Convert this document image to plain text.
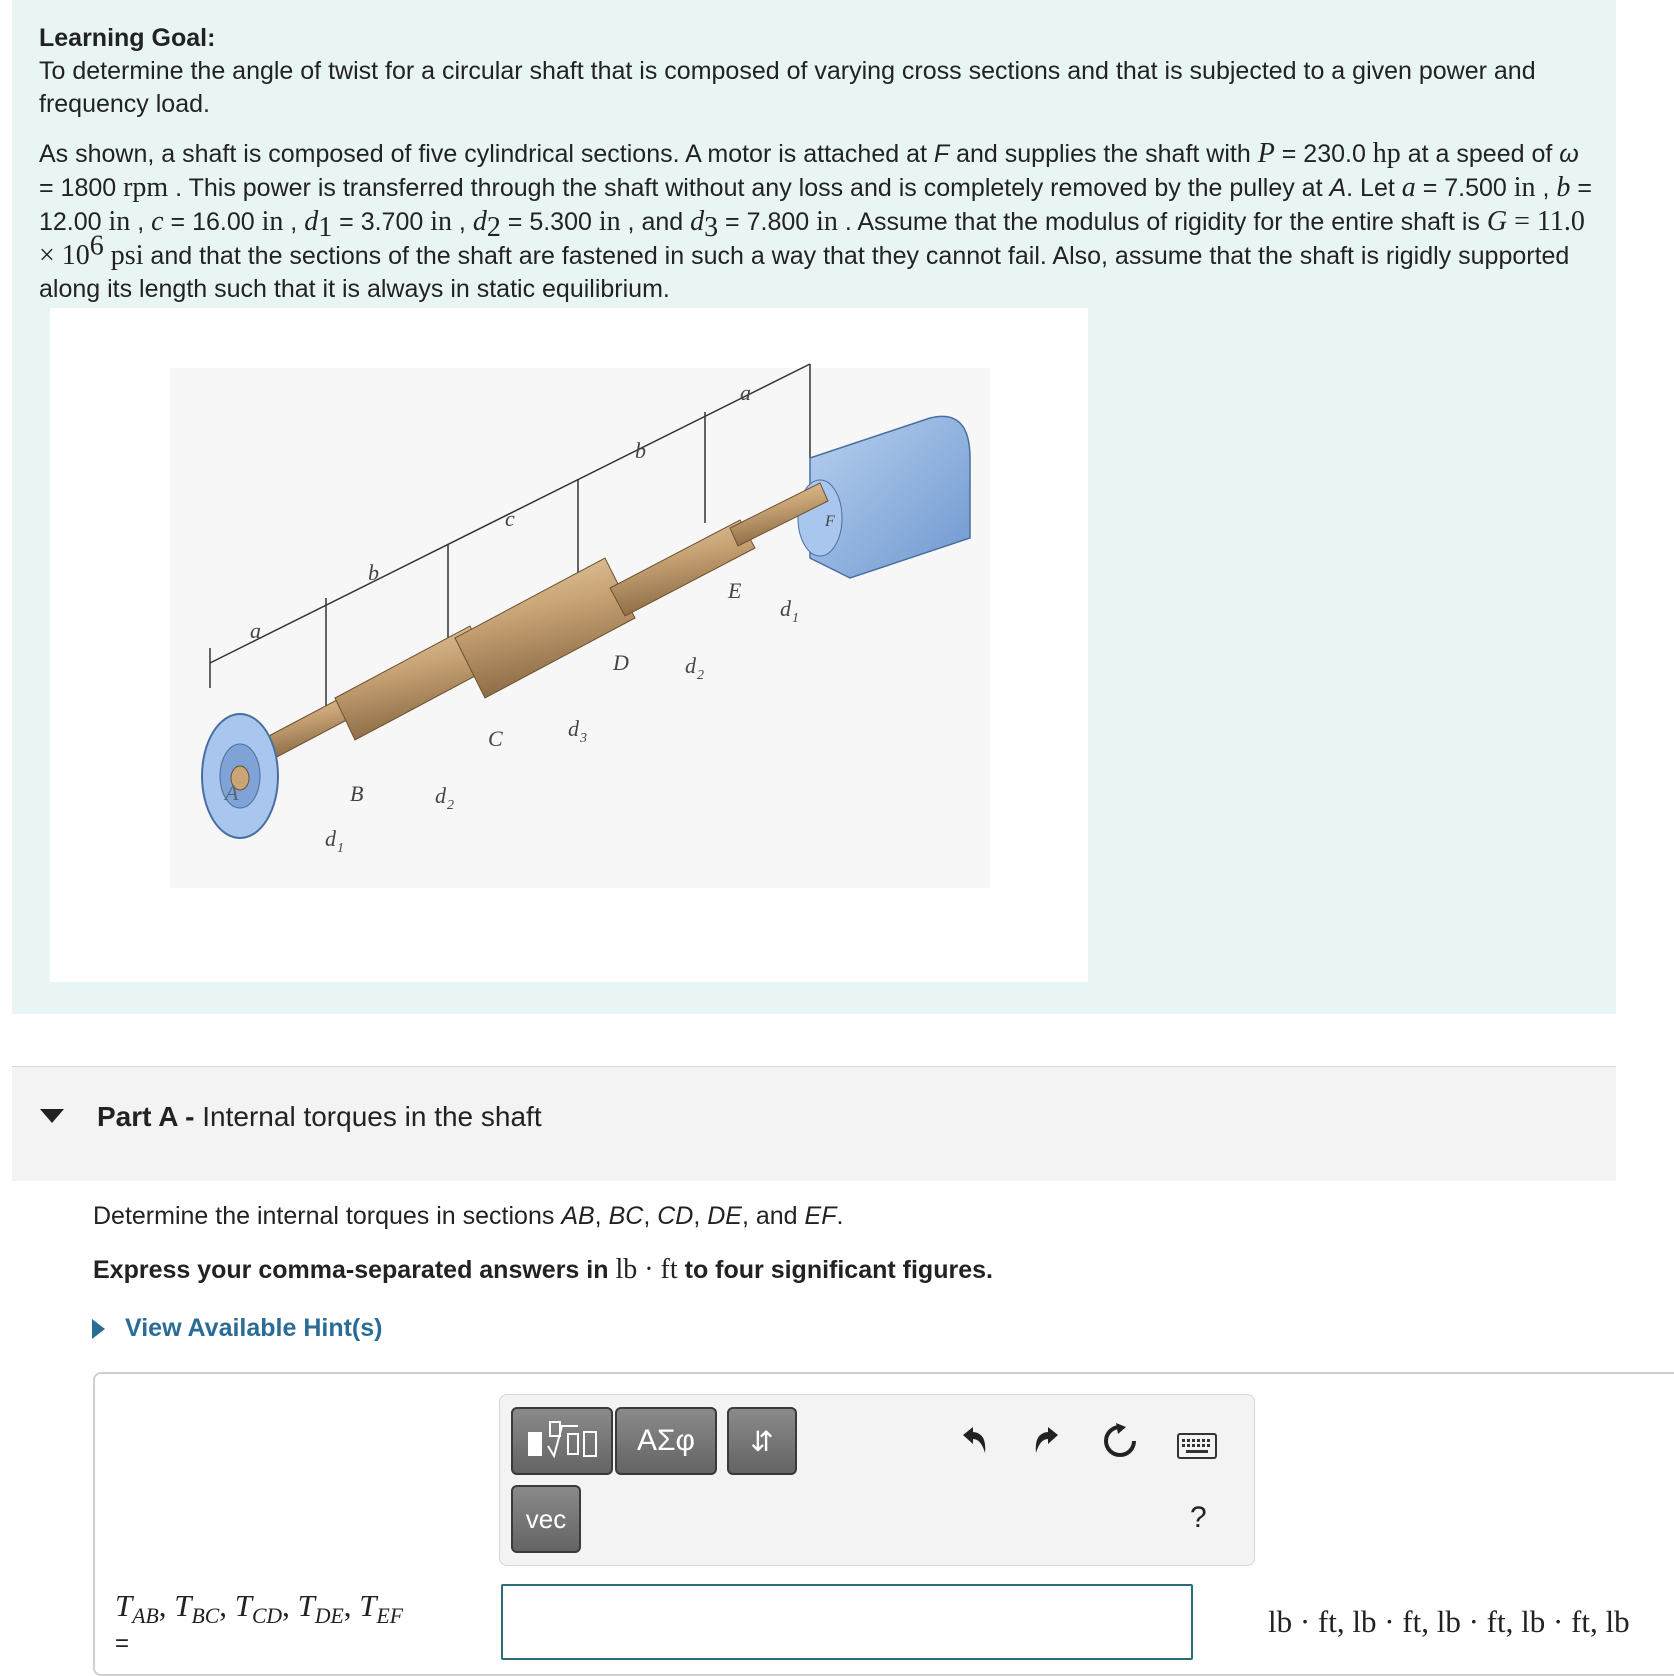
Learning Goal:
To determine the angle of twist for a circular shaft that is composed of varying cross sections and that is subjected to a given power and frequency load.

As shown, a shaft is composed of five cylindrical sections. A motor is attached at F and supplies the shaft with P = 230.0 hp at a speed of ω = 1800 rpm . This power is transferred through the shaft without any loss and is completely removed by the pulley at A. Let a = 7.500 in , b = 12.00 in , c = 16.00 in , $d_1 = 3.700$ in , $d_2 = 5.300$ in , and $d_3 = 7.800$ in . Assume that the modulus of rigidity for the entire shaft is $G = 11.0 \times 10^6$ psi and that the sections of the shaft are fastened in such a way that they cannot fail. Also, assume that the shaft is rigidly supported along its length such that it is always in static equilibrium.

a
b
c
b
a
A	B
C
D
E
F
d 1
d 2
d 3
d 2
d 1
Part A - Internal torques in the shaft
Determine the internal torques in sections AB, BC, CD, DE, and EF.
Express your comma-separated answers in lb · ft to four significant figures.
View Available Hint(s)
ΑΣφ	⇵
vec	?
$T_{AB}$, $T_{BC}$, $T_{CD}$, $T_{DE}$, $T_{EF}$
=
lb · ft, lb · ft, lb · ft, lb · ft, lb
